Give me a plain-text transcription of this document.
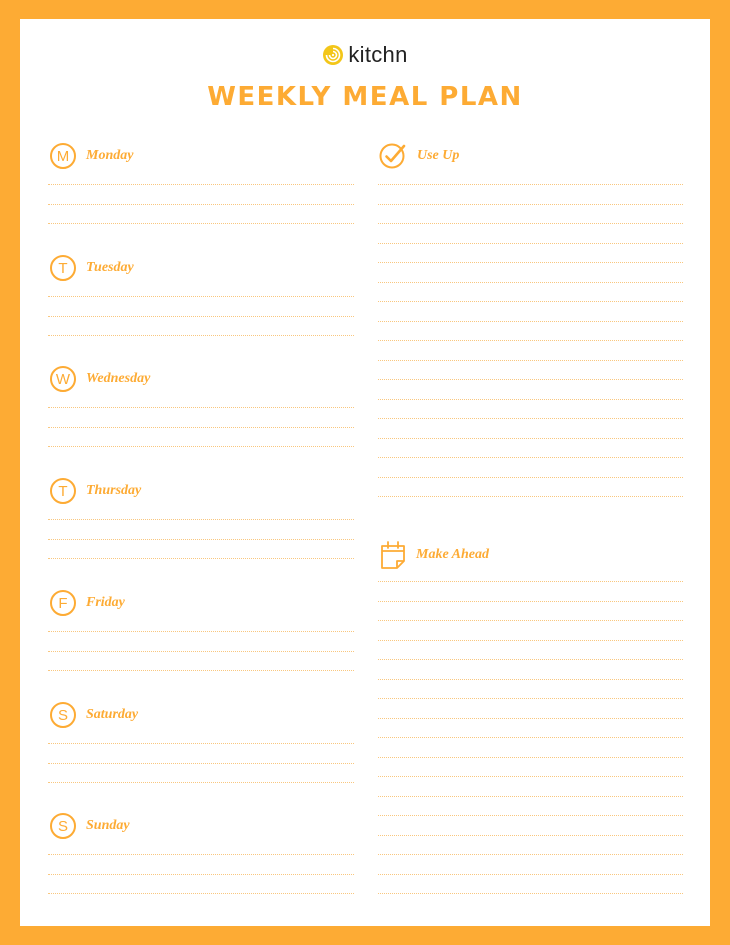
kitchn
WEEKLY MEAL PLAN
M	Monday
T	Tuesday
W	Wednesday
T	Thursday
F	Friday
S	Saturday
S	Sunday
Use Up
Make Ahead
